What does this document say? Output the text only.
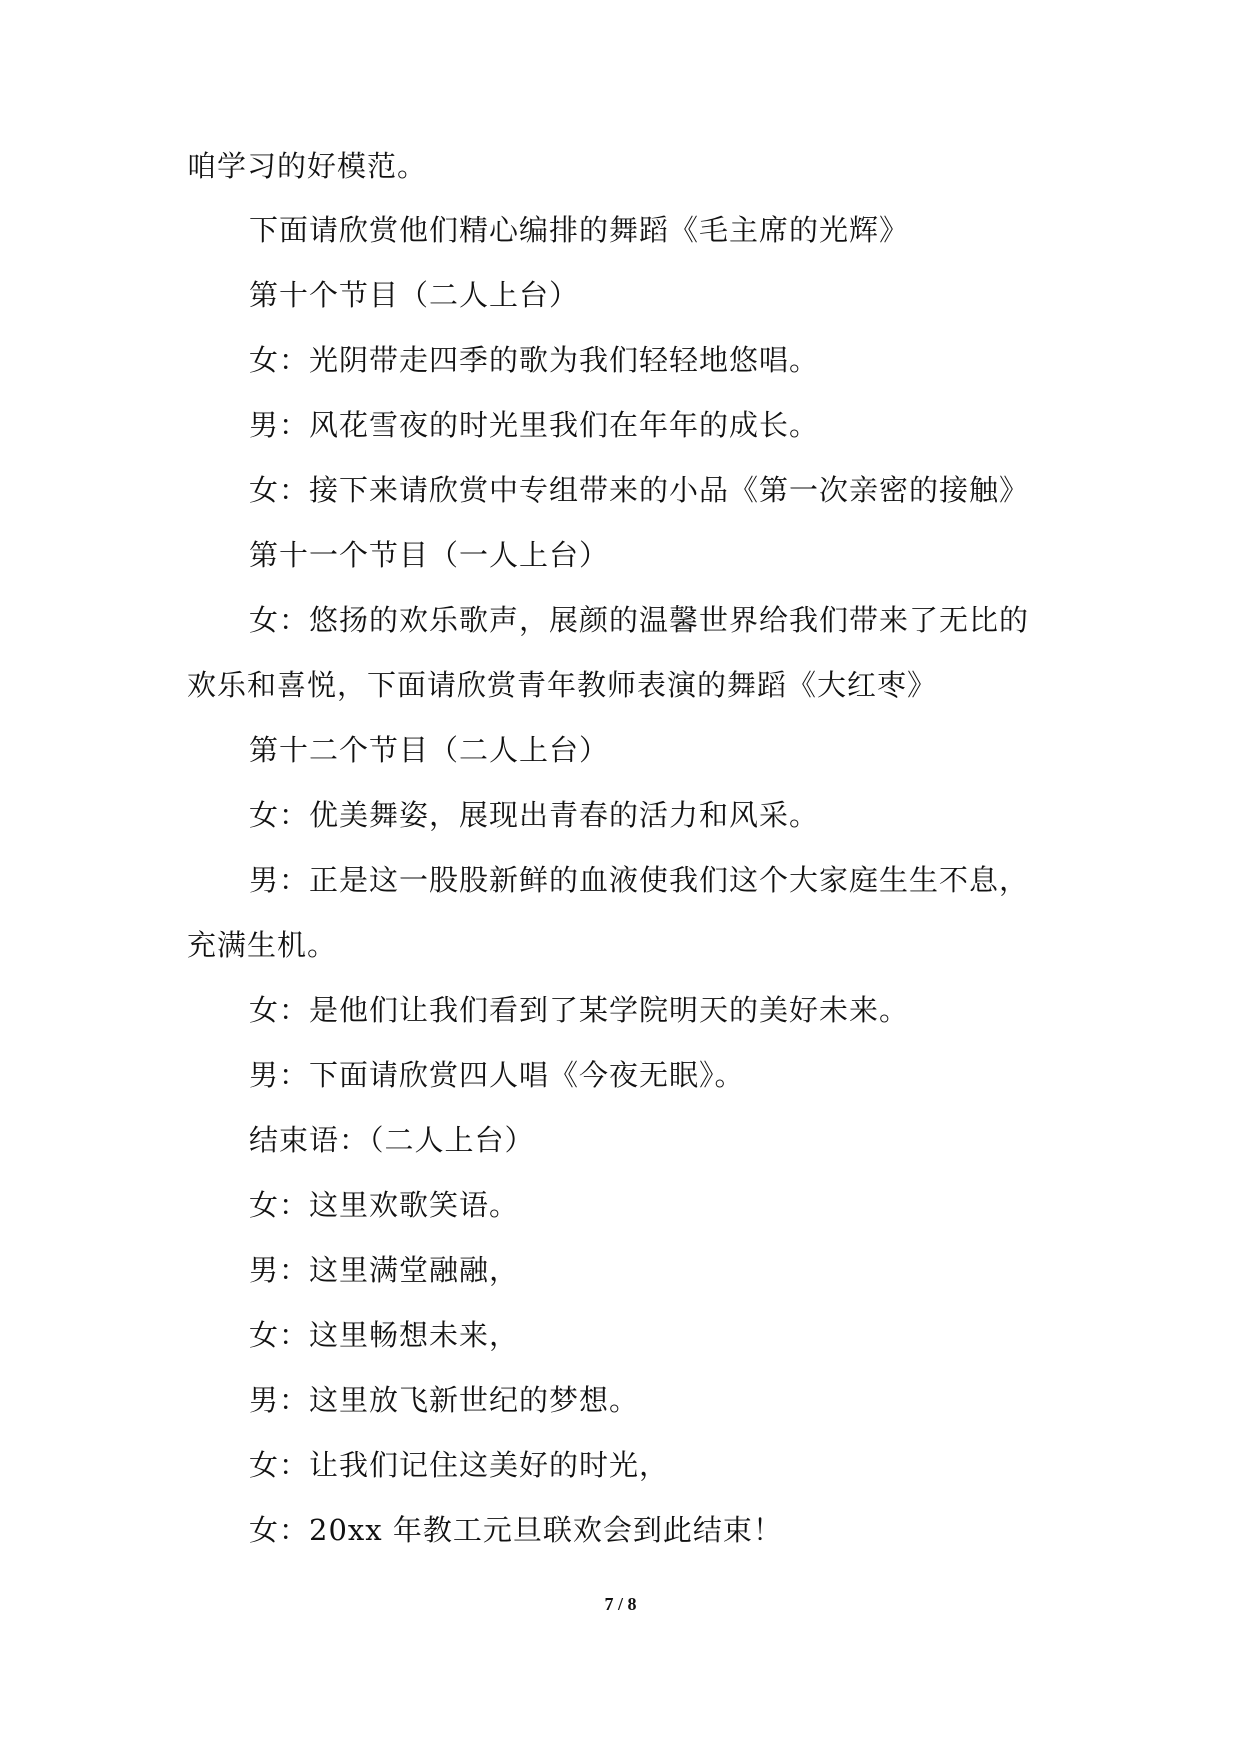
咱学习的好模范。
下面请欣赏他们精心编排的舞蹈《毛主席的光辉》
第十个节目（二人上台）
女：光阴带走四季的歌为我们轻轻地悠唱。
男：风花雪夜的时光里我们在年年的成长。
女：接下来请欣赏中专组带来的小品《第一次亲密的接触》
第十一个节目（一人上台）
女：悠扬的欢乐歌声，展颜的温馨世界给我们带来了无比的
欢乐和喜悦，下面请欣赏青年教师表演的舞蹈《大红枣》
第十二个节目（二人上台）
女：优美舞姿，展现出青春的活力和风采。
男：正是这一股股新鲜的血液使我们这个大家庭生生不息，
充满生机。
女：是他们让我们看到了某学院明天的美好未来。
男：下面请欣赏四人唱《今夜无眠》。
结束语：（二人上台）
女：这里欢歌笑语。
男：这里满堂融融，
女：这里畅想未来，
男：这里放飞新世纪的梦想。
女：让我们记住这美好的时光，
女：20xx 年教工元旦联欢会到此结束！
7 / 8
